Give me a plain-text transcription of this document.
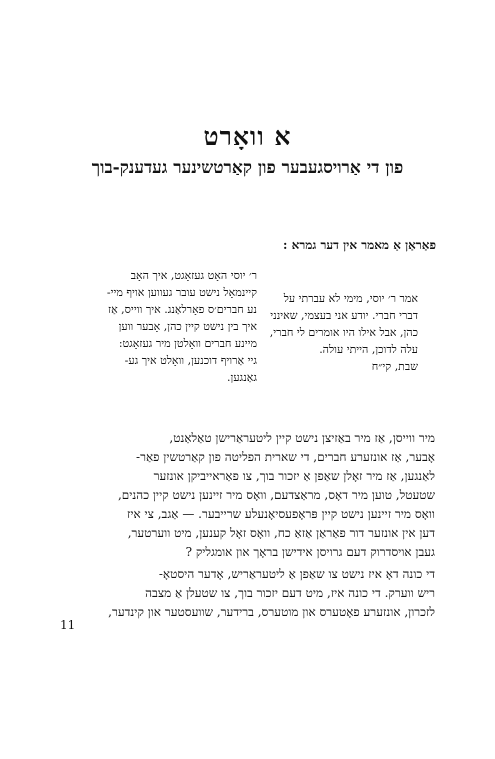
א וואָרט
פון די אַרויסגעבער פון קאַרטשינער געדענק-בוך
פאַראַן אַ מאמר אין דער גמרא :
אמר ר׳ יוסי, מימי לא עברתי על
דברי חברי. יודע אני בעצמי, שאינני
כהן, אבל אילו היו אומרים לי חברי,
עלה לדוכן, הייתי עולה.
שבת, קי״ח
ר׳ יוסי האָט געזאָגט, איך האָב
קיינמאָל נישט עובר געווען אויף מיי-
נע חברים׳ס פאָרלאַנג. איך ווייס, אַז
איך בין נישט קיין כהן, אָבער ווען
מיינע חברים וואָלטן מיר געזאָגט:
גיי אַרויף דוכנען, וואָלט איך גע-
גאַנגען.
מיר ווייסן, אַז מיר באַזיצן נישט קיין ליטעראַרישן טאַלאַנט,
אָבער, אַז אונזערע חברים, די שארית הפליטה פון קאַרטשין פאַר-
לאַנגען, אַז מיר זאָלן שאַפן אַ יזכור בוך, צו פאַראייביקן אונזער
שטעטל, טוען מיר דאָס, מראַצדעם, וואָס מיר זיינען נישט קיין כהנים,
וואָס מיר זיינען נישט קיין פּראָפעסיאָנעלע שרייבער. — אַגב, צי איז
דען אין אונזער דור פאַראַן אַזאַ כח, וואָס זאָל קענען, מיט ווערטער,
געבן אויסדרוק דעם גרויסן אידישן בראָך און אומגליק ?
די כונה דאָ איז נישט צו שאַפן אַ ליטעראַריש, אָדער היסטאָ-
ריש ווערק. די כונה איז, מיט דעם יזכור בוך, צו שטעלן אַ מצבה
לזכרון, אונזערע פאָטערס און מוטערס, ברידער, שוועסטער און קינדער,
11
